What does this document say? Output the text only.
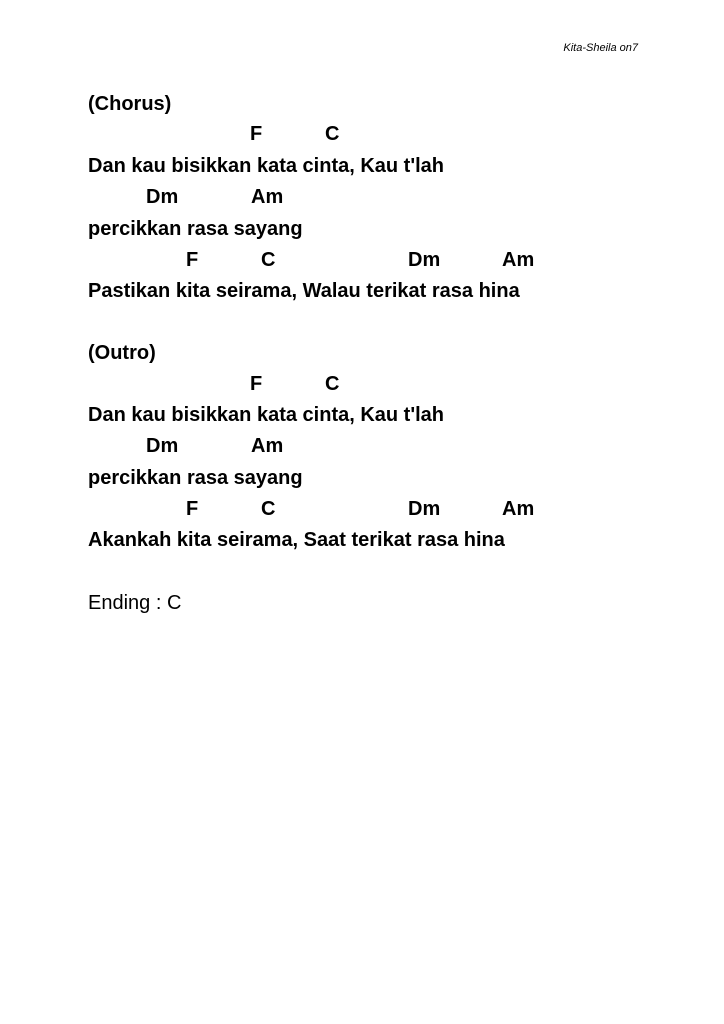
Kita-Sheila on7
(Chorus)
F	C
Dan kau bisikkan kata cinta, Kau t'lah
Dm	Am
percikkan rasa sayang
F	C	Dm	Am
Pastikan kita seirama, Walau terikat rasa hina
(Outro)
F	C
Dan kau bisikkan kata cinta, Kau t'lah
Dm	Am
percikkan rasa sayang
F	C	Dm	Am
Akankah kita seirama, Saat terikat rasa hina
Ending : C
